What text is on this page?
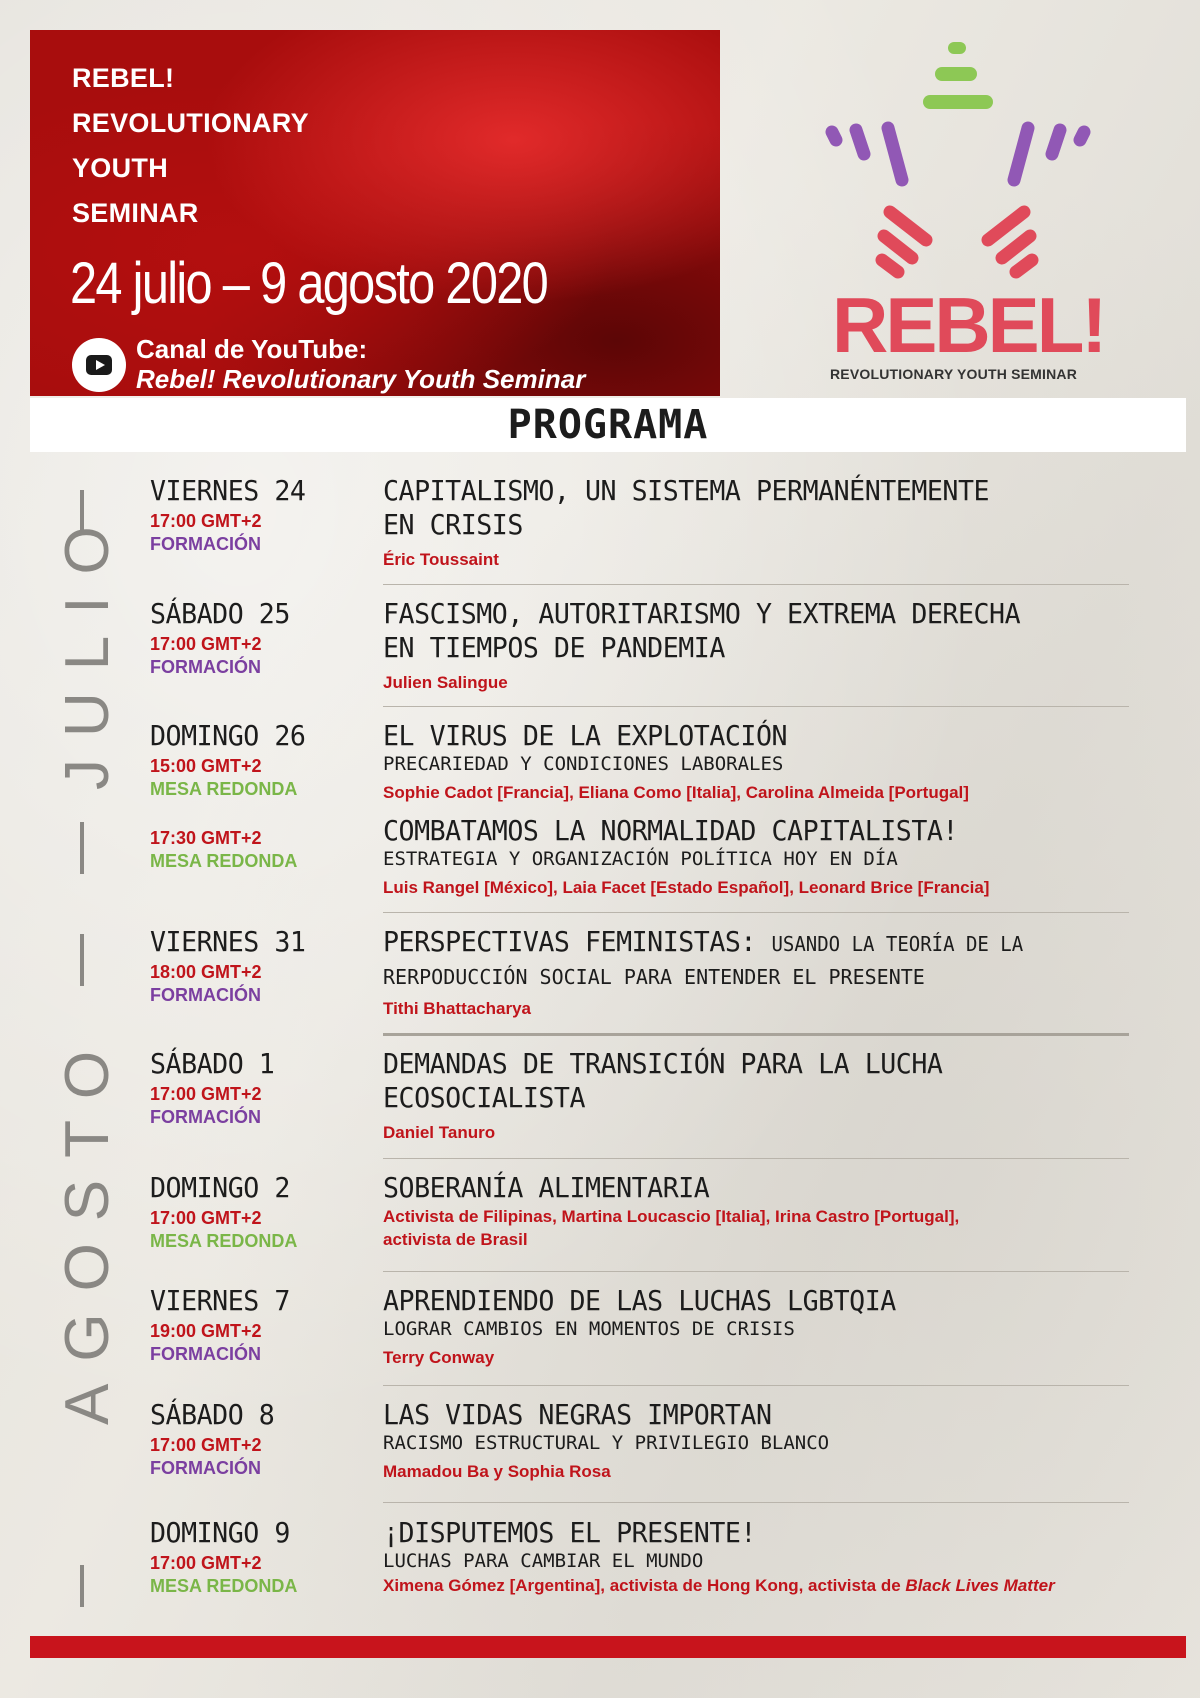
REBEL!
REVOLUTIONARY
YOUTH
SEMINAR
24 julio – 9 agosto 2020
Canal de YouTube:
Rebel! Revolutionary Youth Seminar
REBEL!
REVOLUTIONARY YOUTH SEMINAR
PROGRAMA
JULIO
AGOSTO
VIERNES 24
17:00 GMT+2
FORMACIÓN
CAPITALISMO, UN SISTEMA PERMANÉNTEMENTE
EN CRISIS
Éric Toussaint
SÁBADO 25
17:00 GMT+2
FORMACIÓN
FASCISMO, AUTORITARISMO Y EXTREMA DERECHA
EN TIEMPOS DE PANDEMIA
Julien Salingue
DOMINGO 26
15:00 GMT+2
MESA REDONDA
EL VIRUS DE LA EXPLOTACIÓN
PRECARIEDAD Y CONDICIONES LABORALES
Sophie Cadot [Francia], Eliana Como [Italia], Carolina Almeida [Portugal]
17:30 GMT+2
MESA REDONDA
COMBATAMOS LA NORMALIDAD CAPITALISTA!
ESTRATEGIA Y ORGANIZACIÓN POLÍTICA HOY EN DÍA
Luis Rangel [México], Laia Facet [Estado Español], Leonard Brice [Francia]
VIERNES 31
18:00 GMT+2
FORMACIÓN
PERSPECTIVAS FEMINISTAS: USANDO LA TEORÍA DE LA
RERPODUCCIÓN SOCIAL PARA ENTENDER EL PRESENTE
Tithi Bhattacharya
SÁBADO 1
17:00 GMT+2
FORMACIÓN
DEMANDAS DE TRANSICIÓN PARA LA LUCHA
ECOSOCIALISTA
Daniel Tanuro
DOMINGO 2
17:00 GMT+2
MESA REDONDA
SOBERANÍA ALIMENTARIA
Activista de Filipinas, Martina Loucascio [Italia], Irina Castro [Portugal],
activista de Brasil
VIERNES 7
19:00 GMT+2
FORMACIÓN
APRENDIENDO DE LAS LUCHAS LGBTQIA
LOGRAR CAMBIOS EN MOMENTOS DE CRISIS
Terry Conway
SÁBADO 8
17:00 GMT+2
FORMACIÓN
LAS VIDAS NEGRAS IMPORTAN
RACISMO ESTRUCTURAL Y PRIVILEGIO BLANCO
Mamadou Ba y Sophia Rosa
DOMINGO 9
17:00 GMT+2
MESA REDONDA
¡DISPUTEMOS EL PRESENTE!
LUCHAS PARA CAMBIAR EL MUNDO
Ximena Gómez [Argentina], activista de Hong Kong, activista de Black Lives Matter
